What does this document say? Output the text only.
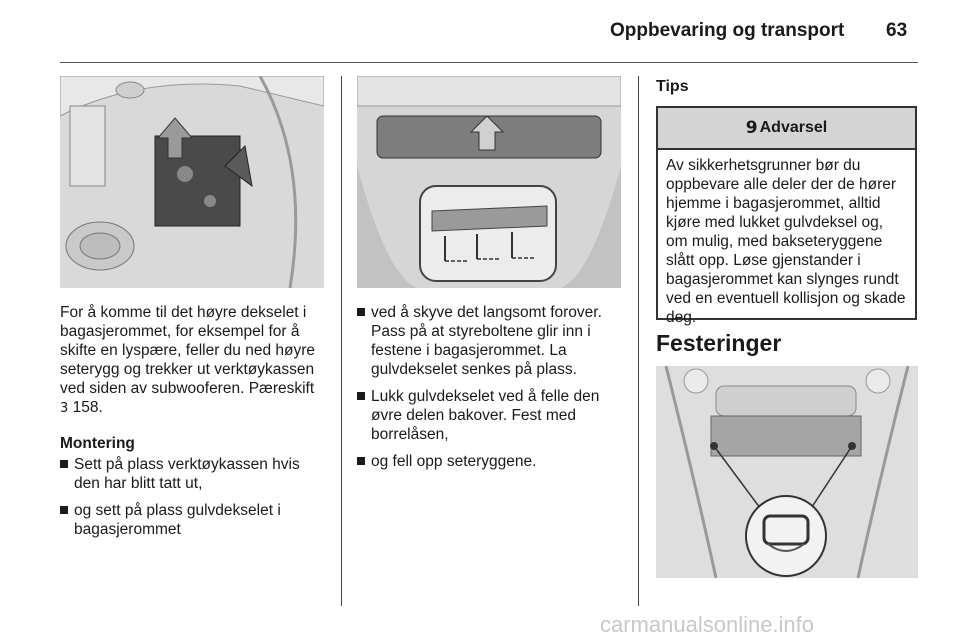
Oppbevaring og transport 63
For å komme til det høyre dekselet i bagasjerommet, for eksempel for å skifte en lyspære, feller du ned høyre seterygg og trekker ut verktøykassen ved siden av subwooferen. Pæreskift
3 158.
Montering
Sett på plass verktøykassen hvis den har blitt tatt ut,
og sett på plass gulvdekselet i bagasjerommet
ved å skyve det langsomt forover. Pass på at styreboltene glir inn i festene i bagasjerommet. La gulvdekselet senkes på plass.
Lukk gulvdekselet ved å felle den øvre delen bakover. Fest med borrelåsen,
og fell opp seteryggene.
Tips
9 Advarsel
Av sikkerhetsgrunner bør du oppbevare alle deler der de hører hjemme i bagasjerommet, alltid kjøre med lukket gulvdeksel og, om mulig, med bakseteryggene slått opp. Løse gjenstander i bagasjerommet kan slynges rundt ved en eventuell kollisjon og skade deg.
Festeringer
carmanualsonline.info
